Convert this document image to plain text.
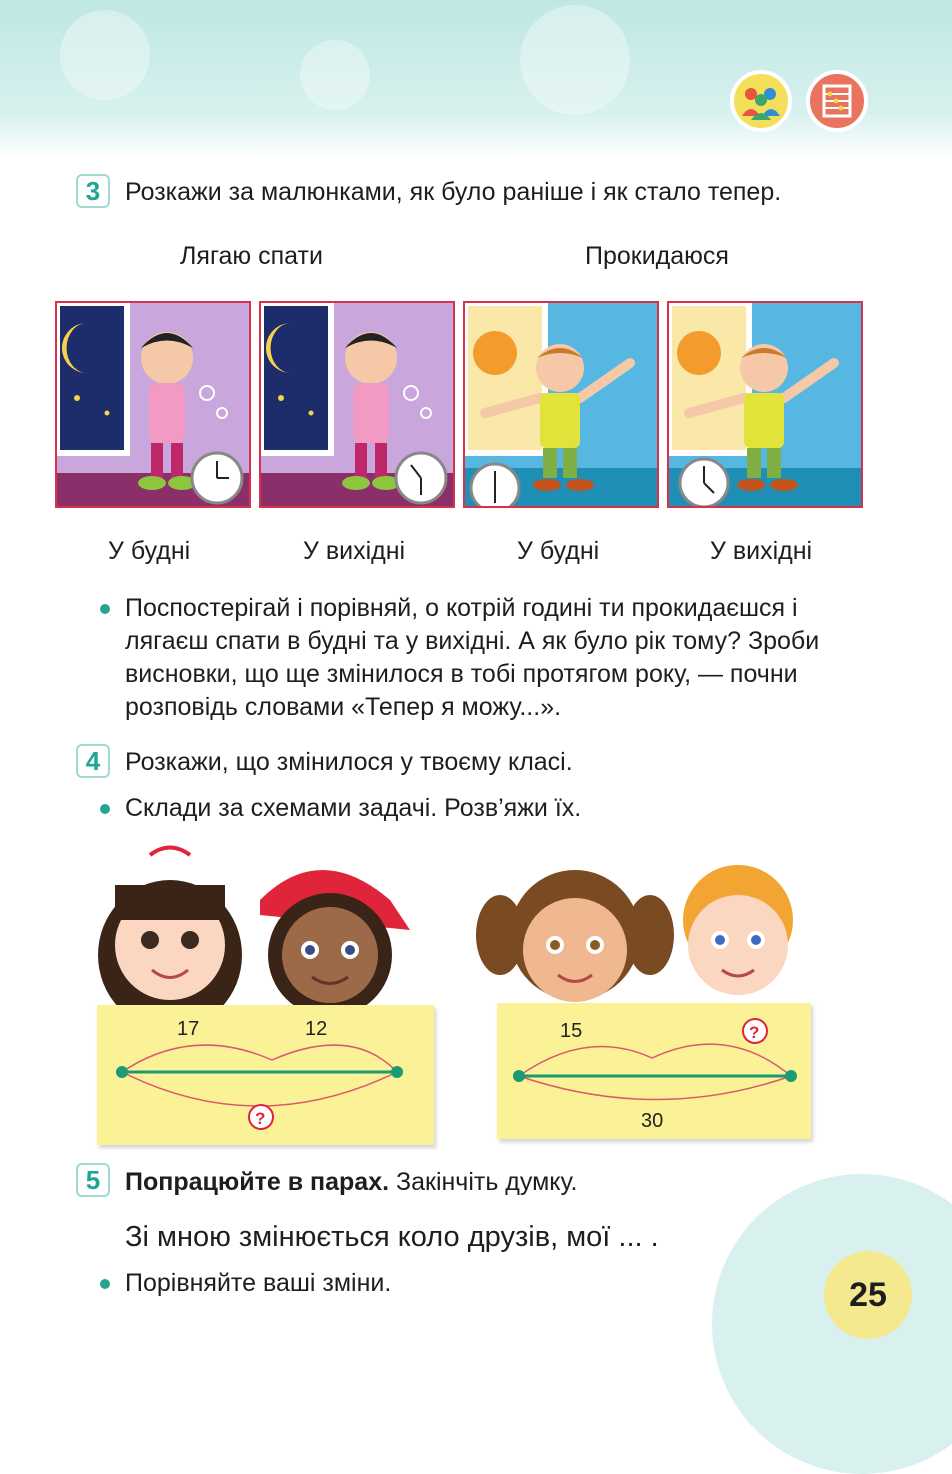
3 Розкажи за малюнками, як було раніше і як стало тепер.
Лягаю спати	Прокидаюся
У будні	У вихідні	У будні	У вихідні
Поспостерігай і порівняй, о котрій годині ти прокидаєшся і
лягаєш спати в будні та у вихідні. А як було рік тому? Зроби
висновки, що ще змінилося в тобі протягом року, — почни
розповідь словами «Тепер я можу...».
4 Розкажи, що змінилося у твоєму класі.
Склади за схемами задачі. Розв’яжи їх.
17	12
?
15	?
30
5 Попрацюйте в парах. Закінчіть думку.
Зі мною змінюється коло друзів, мої ... .
Порівняйте ваші зміни.	25
